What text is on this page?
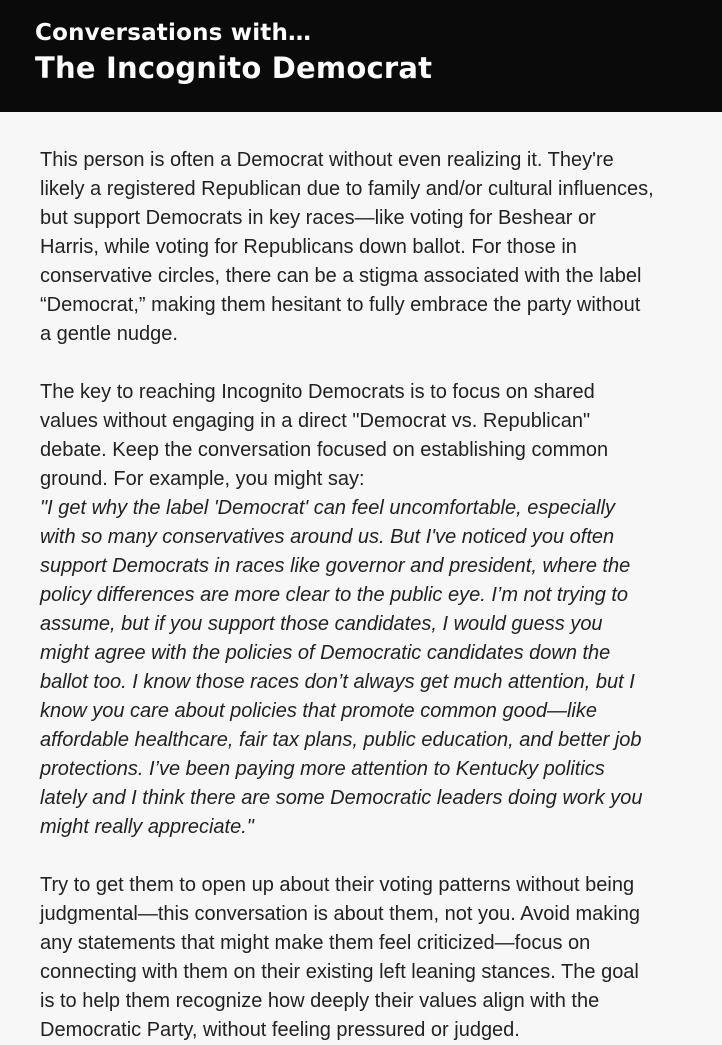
Conversations with…
The Incognito Democrat

This person is often a Democrat without even realizing it. They're likely a registered Republican due to family and/or cultural influences, but support Democrats in key races—like voting for Beshear or Harris, while voting for Republicans down ballot. For those in conservative circles, there can be a stigma associated with the label “Democrat,” making them hesitant to fully embrace the party without a gentle nudge.

The key to reaching Incognito Democrats is to focus on shared values without engaging in a direct "Democrat vs. Republican" debate. Keep the conversation focused on establishing common ground. For example, you might say:
"I get why the label 'Democrat' can feel uncomfortable, especially with so many conservatives around us. But I've noticed you often support Democrats in races like governor and president, where the policy differences are more clear to the public eye. I’m not trying to assume, but if you support those candidates, I would guess you might agree with the policies of Democratic candidates down the ballot too. I know those races don’t always get much attention, but I know you care about policies that promote common good—like affordable healthcare, fair tax plans, public education, and better job protections. I’ve been paying more attention to Kentucky politics lately and I think there are some Democratic leaders doing work you might really appreciate."

Try to get them to open up about their voting patterns without being judgmental—this conversation is about them, not you. Avoid making any statements that might make them feel criticized—focus on connecting with them on their existing left leaning stances. The goal is to help them recognize how deeply their values align with the Democratic Party, without feeling pressured or judged.
